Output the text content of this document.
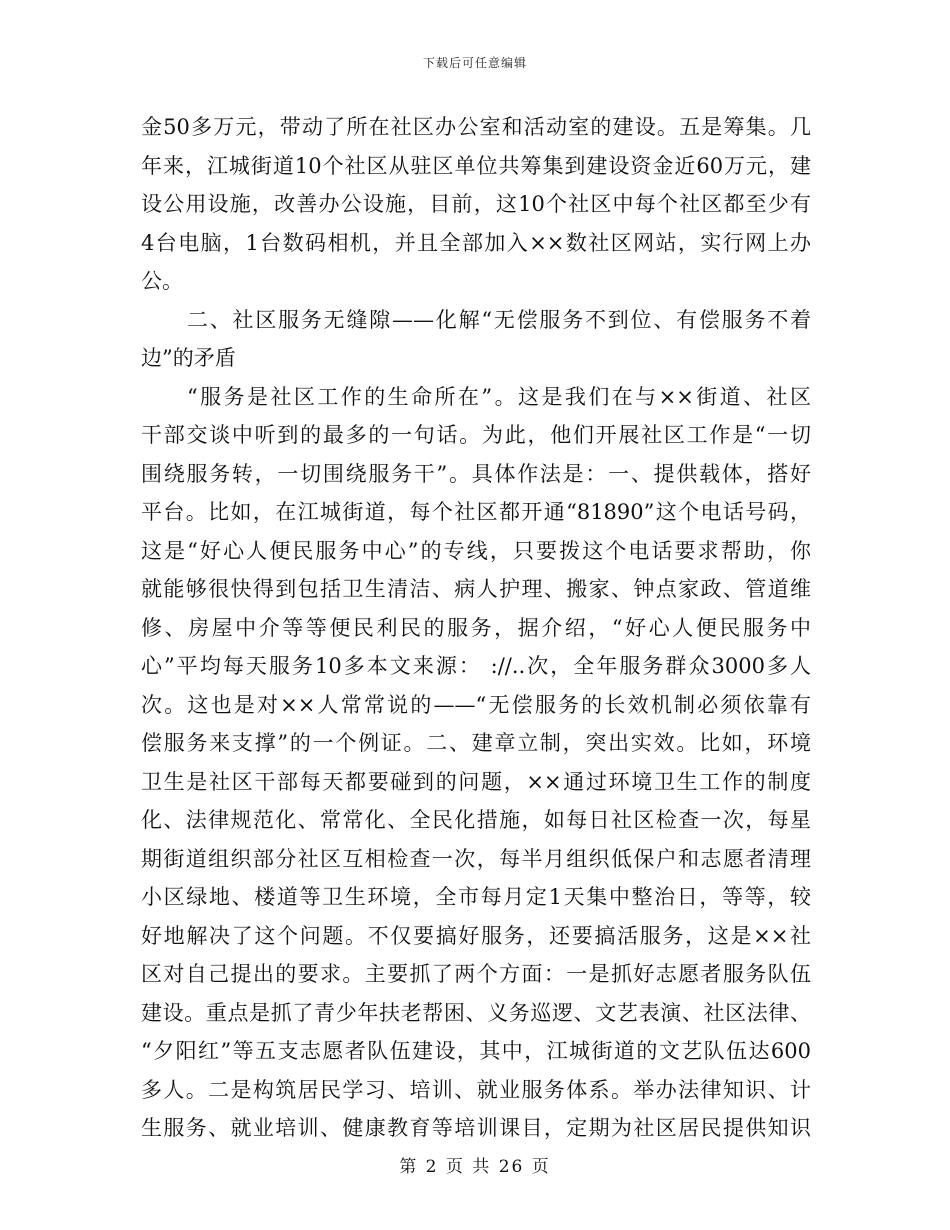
下载后可任意编辑
金50多万元，带动了所在社区办公室和活动室的建设。五是筹集。几
年来，江城街道10个社区从驻区单位共筹集到建设资金近60万元，建
设公用设施，改善办公设施，目前，这10个社区中每个社区都至少有
4台电脑，1台数码相机，并且全部加入××数社区网站，实行网上办
公。
二、社区服务无缝隙——化解“无偿服务不到位、有偿服务不着
边”的矛盾
“服务是社区工作的生命所在”。这是我们在与××街道、社区
干部交谈中听到的最多的一句话。为此，他们开展社区工作是“一切
围绕服务转，一切围绕服务干”。具体作法是：一、提供载体，搭好
平台。比如，在江城街道，每个社区都开通“81890”这个电话号码，
这是“好心人便民服务中心”的专线，只要拨这个电话要求帮助，你
就能够很快得到包括卫生清洁、病人护理、搬家、钟点家政、管道维
修、房屋中介等等便民利民的服务，据介绍，“好心人便民服务中
心”平均每天服务10多本文来源： ://..次，全年服务群众3000多人
次。这也是对××人常常说的——“无偿服务的长效机制必须依靠有
偿服务来支撑”的一个例证。二、建章立制，突出实效。比如，环境
卫生是社区干部每天都要碰到的问题，××通过环境卫生工作的制度
化、法律规范化、常常化、全民化措施，如每日社区检查一次，每星
期街道组织部分社区互相检查一次，每半月组织低保户和志愿者清理
小区绿地、楼道等卫生环境，全市每月定1天集中整治日，等等，较
好地解决了这个问题。不仅要搞好服务，还要搞活服务，这是××社
区对自己提出的要求。主要抓了两个方面：一是抓好志愿者服务队伍
建设。重点是抓了青少年扶老帮困、义务巡逻、文艺表演、社区法律、
“夕阳红”等五支志愿者队伍建设，其中，江城街道的文艺队伍达600
多人。二是构筑居民学习、培训、就业服务体系。举办法律知识、计
生服务、就业培训、健康教育等培训课目，定期为社区居民提供知识
第 2 页 共 26 页
